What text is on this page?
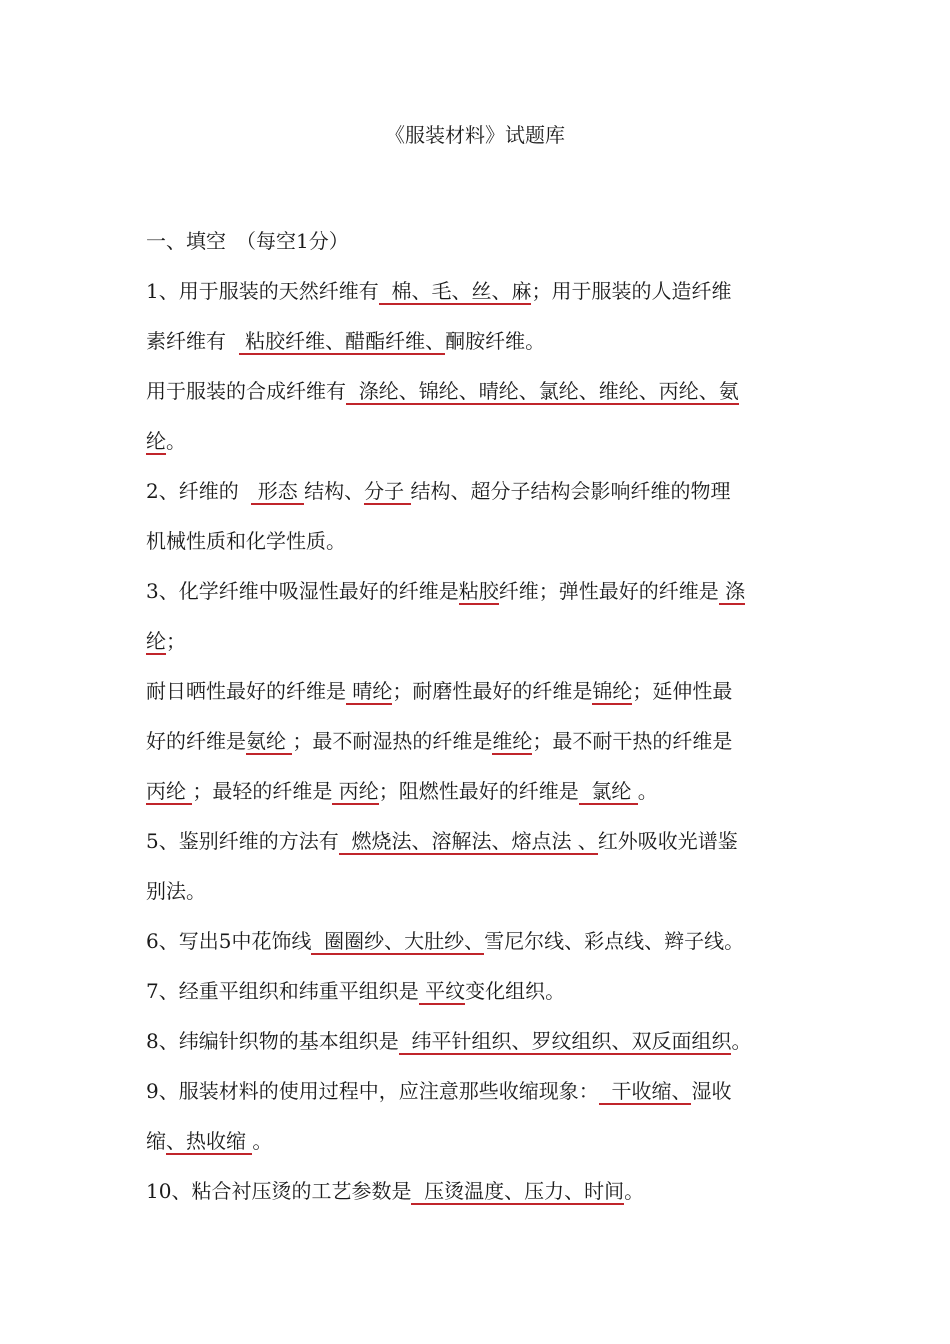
《服装材料》试题库
一、填空　（每空1分）
1、用于服装的天然纤维有  棉、毛、丝、麻；用于服装的人造纤维
素纤维有   粘胶纤维、醋酯纤维、酮胺纤维。
用于服装的合成纤维有  涤纶、锦纶、晴纶、氯纶、维纶、丙纶、氨
纶。
2、纤维的   形态 结构、分子 结构、超分子结构会影响纤维的物理
机械性质和化学性质。
3、化学纤维中吸湿性最好的纤维是粘胶纤维；弹性最好的纤维是 涤
纶；
耐日晒性最好的纤维是 晴纶；耐磨性最好的纤维是锦纶；延伸性最
好的纤维是氨纶 ；最不耐湿热的纤维是维纶；最不耐干热的纤维是
丙纶 ；最轻的纤维是 丙纶；阻燃性最好的纤维是  氯纶 。
5、鉴别纤维的方法有  燃烧法、溶解法、熔点法 、红外吸收光谱鉴
别法。
6、写出5中花饰线  圈圈纱、大肚纱、雪尼尔线、彩点线、辫子线。
7、经重平组织和纬重平组织是 平纹变化组织。
8、纬编针织物的基本组织是  纬平针组织、罗纹组织、双反面组织。
9、服装材料的使用过程中，应注意那些收缩现象：  干收缩、湿收
缩、热收缩 。
10、粘合衬压烫的工艺参数是  压烫温度、压力、时间。
